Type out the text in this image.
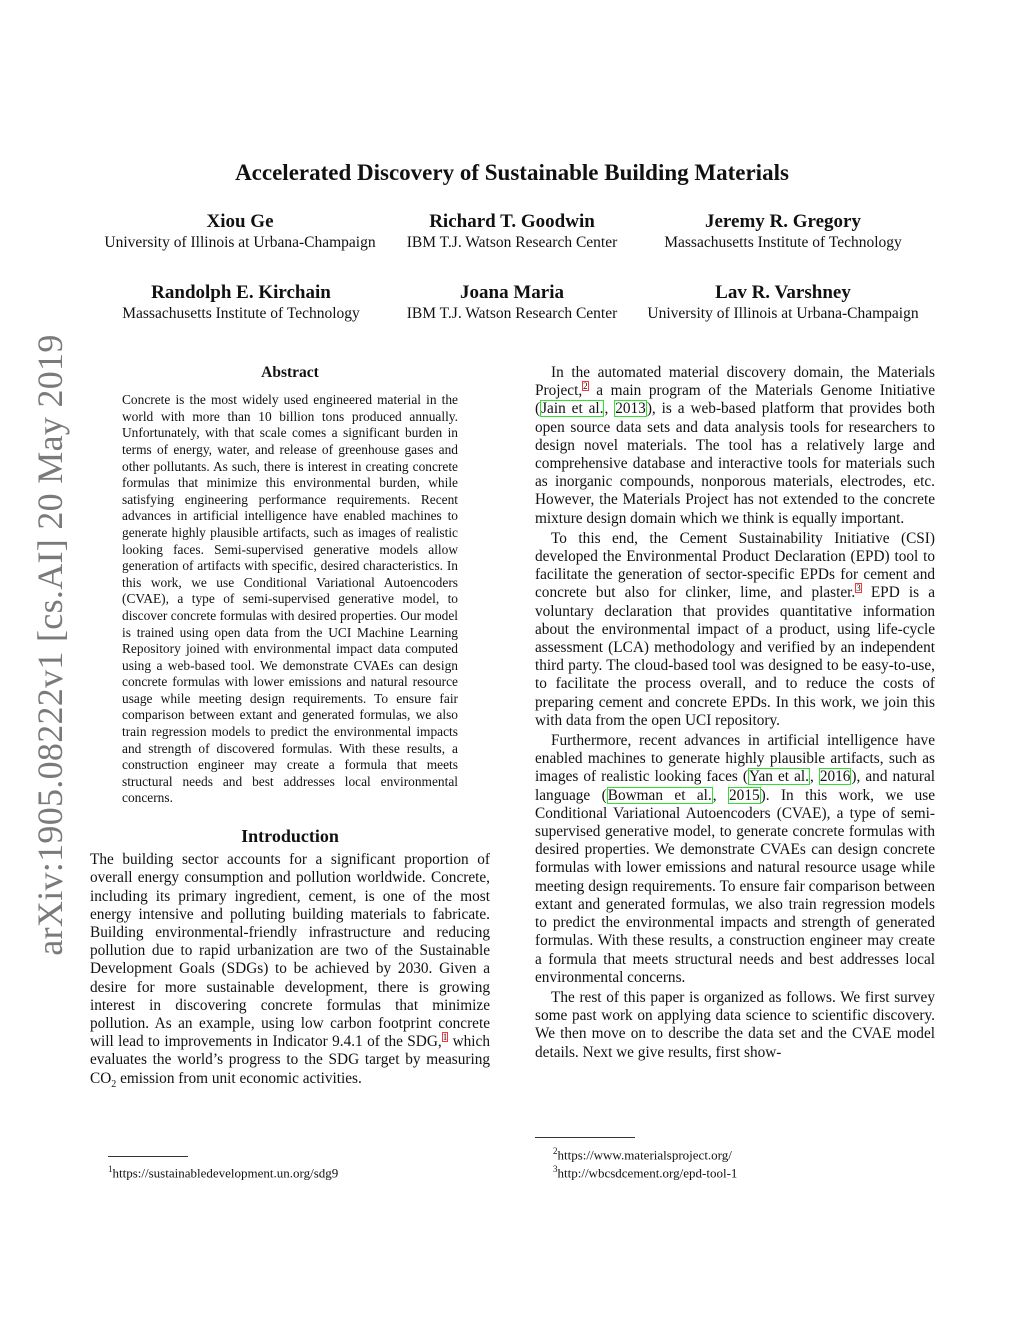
arXiv:1905.08222v1 [cs.AI] 20 May 2019
Accelerated Discovery of Sustainable Building Materials
Xiou Ge
University of Illinois at Urbana-Champaign
Richard T. Goodwin
IBM T.J. Watson Research Center
Jeremy R. Gregory
Massachusetts Institute of Technology
Randolph E. Kirchain
Massachusetts Institute of Technology
Joana Maria
IBM T.J. Watson Research Center
Lav R. Varshney
University of Illinois at Urbana-Champaign
Abstract

Concrete is the most widely used engineered material in the world with more than 10 billion tons produced annually. Unfortunately, with that scale comes a significant burden in terms of energy, water, and release of greenhouse gases and other pollutants. As such, there is interest in creating concrete formulas that minimize this environmental burden, while satisfying engineering performance requirements. Recent advances in artificial intelligence have enabled machines to generate highly plausible artifacts, such as images of realistic looking faces. Semi-supervised generative models allow generation of artifacts with specific, desired characteristics. In this work, we use Conditional Variational Autoencoders (CVAE), a type of semi-supervised generative model, to discover concrete formulas with desired properties. Our model is trained using open data from the UCI Machine Learning Repository joined with environmental impact data computed using a web-based tool. We demonstrate CVAEs can design concrete formulas with lower emissions and natural resource usage while meeting design requirements. To ensure fair comparison between extant and generated formulas, we also train regression models to predict the environmental impacts and strength of discovered formulas. With these results, a construction engineer may create a formula that meets structural needs and best addresses local environmental concerns.

Introduction

The building sector accounts for a significant proportion of overall energy consumption and pollution worldwide. Concrete, including its primary ingredient, cement, is one of the most energy intensive and polluting building materials to fabricate. Building environmental-friendly infrastructure and reducing pollution due to rapid urbanization are two of the Sustainable Development Goals (SDGs) to be achieved by 2030. Given a desire for more sustainable development, there is growing interest in discovering concrete formulas that minimize pollution. As an example, using low carbon footprint concrete will lead to improvements in Indicator 9.4.1 of the SDG,$^1$ which evaluates the world’s progress to the SDG target by measuring $CO_2$ emission from unit economic activities.

$^1$https://sustainabledevelopment.un.org/sdg9

In the automated material discovery domain, the Materials Project,$^2$ a main program of the Materials Genome Initiative (Jain et al., 2013), is a web-based platform that provides both open source data sets and data analysis tools for researchers to design novel materials. The tool has a relatively large and comprehensive database and interactive tools for materials such as inorganic compounds, nonporous materials, electrodes, etc. However, the Materials Project has not extended to the concrete mixture design domain which we think is equally important.

To this end, the Cement Sustainability Initiative (CSI) developed the Environmental Product Declaration (EPD) tool to facilitate the generation of sector-specific EPDs for cement and concrete but also for clinker, lime, and plaster.$^3$ EPD is a voluntary declaration that provides quantitative information about the environmental impact of a product, using life-cycle assessment (LCA) methodology and verified by an independent third party. The cloud-based tool was designed to be easy-to-use, to facilitate the process overall, and to reduce the costs of preparing cement and concrete EPDs. In this work, we join this with data from the open UCI repository.

Furthermore, recent advances in artificial intelligence have enabled machines to generate highly plausible artifacts, such as images of realistic looking faces (Yan et al., 2016), and natural language (Bowman et al., 2015). In this work, we use Conditional Variational Autoencoders (CVAE), a type of semi-supervised generative model, to generate concrete formulas with desired properties. We demonstrate CVAEs can design concrete formulas with lower emissions and natural resource usage while meeting design requirements. To ensure fair comparison between extant and generated formulas, we also train regression models to predict the environmental impacts and strength of generated formulas. With these results, a construction engineer may create a formula that meets structural needs and best addresses local environmental concerns.

The rest of this paper is organized as follows. We first survey some past work on applying data science to scientific discovery. We then move on to describe the data set and the CVAE model details. Next we give results, first show-

$^2$https://www.materialsproject.org/
$^3$http://wbcsdcement.org/epd-tool-1
